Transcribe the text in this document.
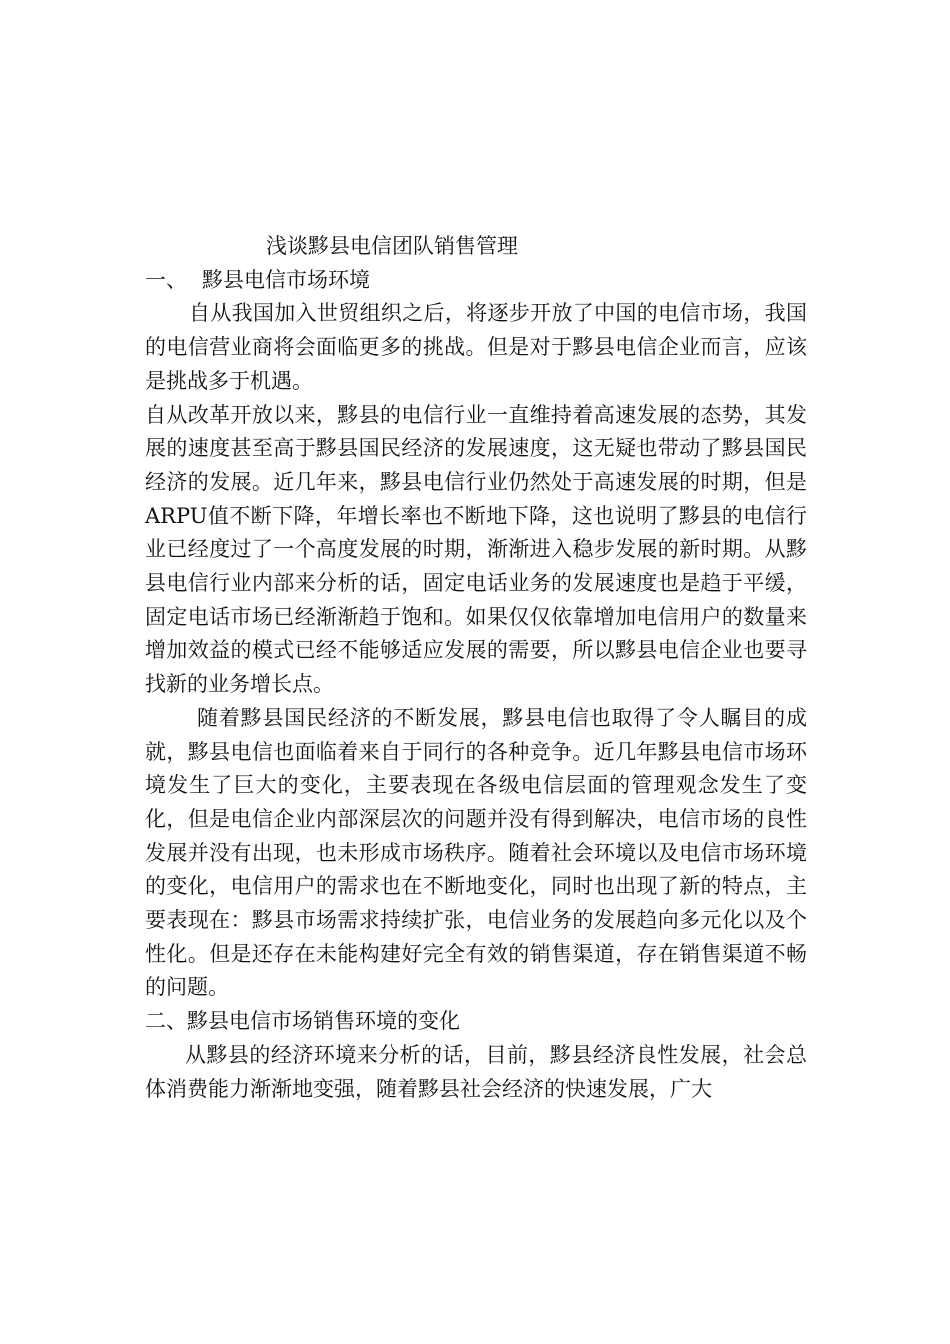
浅谈黟县电信团队销售管理
一、 黟县电信市场环境

自从我国加入世贸组织之后，将逐步开放了中国的电信市场，我国的电信营业商将会面临更多的挑战。但是对于黟县电信企业而言，应该是挑战多于机遇。

自从改革开放以来，黟县的电信行业一直维持着高速发展的态势，其发展的速度甚至高于黟县国民经济的发展速度，这无疑也带动了黟县国民经济的发展。近几年来，黟县电信行业仍然处于高速发展的时期，但是ARPU值不断下降，年增长率也不断地下降，这也说明了黟县的电信行业已经度过了一个高度发展的时期，渐渐进入稳步发展的新时期。从黟县电信行业内部来分析的话，固定电话业务的发展速度也是趋于平缓，固定电话市场已经渐渐趋于饱和。如果仅仅依靠增加电信用户的数量来增加效益的模式已经不能够适应发展的需要，所以黟县电信企业也要寻找新的业务增长点。

随着黟县国民经济的不断发展，黟县电信也取得了令人瞩目的成就，黟县电信也面临着来自于同行的各种竞争。近几年黟县电信市场环境发生了巨大的变化，主要表现在各级电信层面的管理观念发生了变化，但是电信企业内部深层次的问题并没有得到解决，电信市场的良性发展并没有出现，也未形成市场秩序。随着社会环境以及电信市场环境的变化，电信用户的需求也在不断地变化，同时也出现了新的特点，主要表现在：黟县市场需求持续扩张，电信业务的发展趋向多元化以及个性化。但是还存在未能构建好完全有效的销售渠道，存在销售渠道不畅的问题。

二、黟县电信市场销售环境的变化

从黟县的经济环境来分析的话，目前，黟县经济良性发展，社会总体消费能力渐渐地变强，随着黟县社会经济的快速发展，广大
